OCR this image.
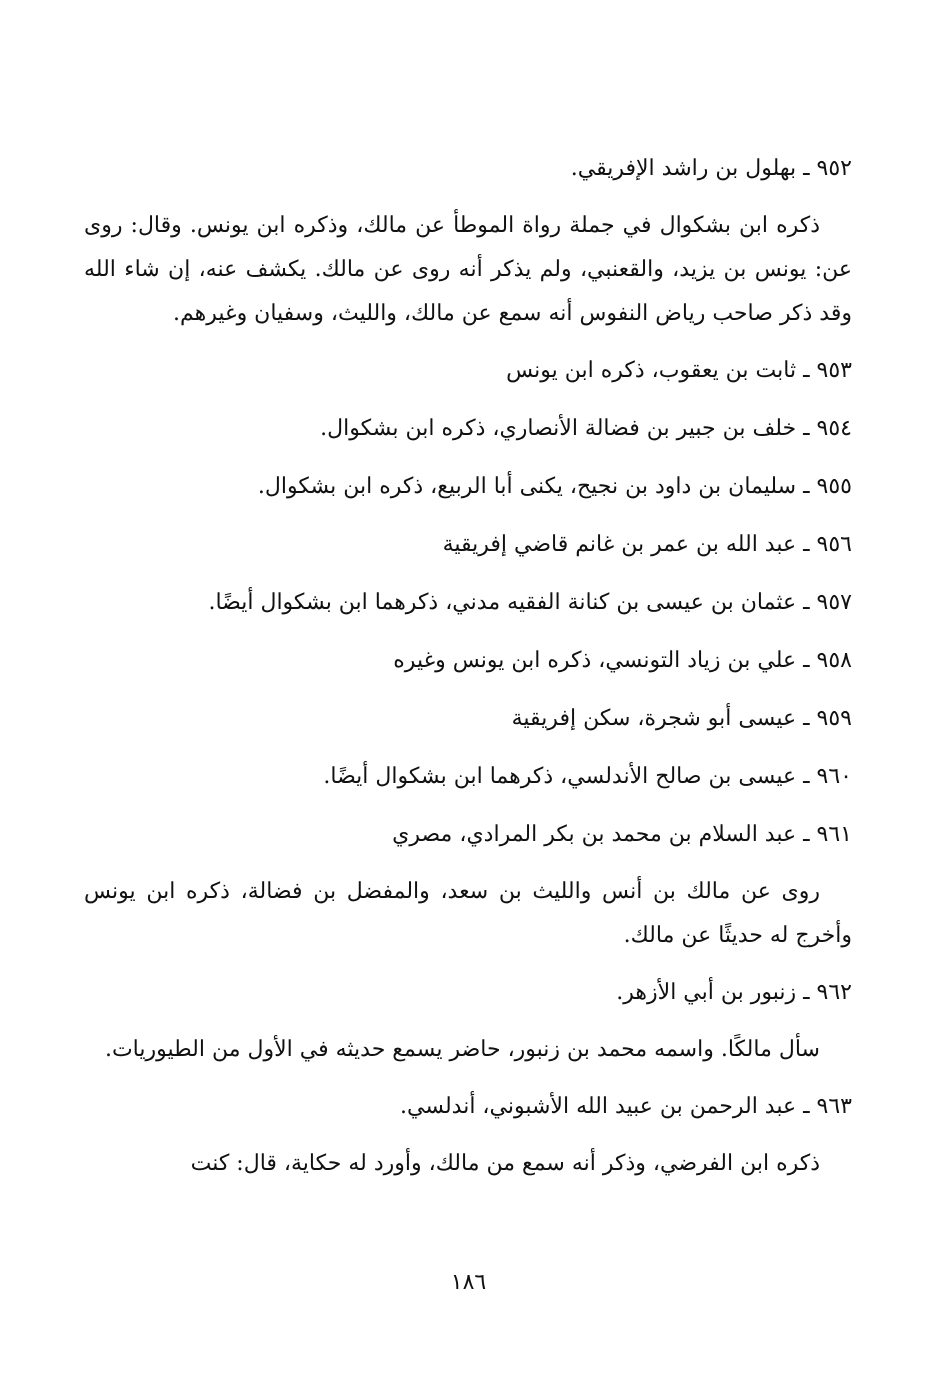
٩٥٢ ـ بهلول بن راشد الإفريقي.

ذكره ابن بشكوال في جملة رواة الموطأ عن مالك، وذكره ابن يونس. وقال: روى عن: يونس بن يزيد، والقعنبي، ولم يذكر أنه روى عن مالك. يكشف عنه، إن شاء الله وقد ذكر صاحب رياض النفوس أنه سمع عن مالك، والليث، وسفيان وغيرهم.

٩٥٣ ـ ثابت بن يعقوب، ذكره ابن يونس
٩٥٤ ـ خلف بن جبير بن فضالة الأنصاري، ذكره ابن بشكوال.
٩٥٥ ـ سليمان بن داود بن نجيح، يكنى أبا الربيع، ذكره ابن بشكوال.
٩٥٦ ـ عبد الله بن عمر بن غانم قاضي إفريقية
٩٥٧ ـ عثمان بن عيسى بن كنانة الفقيه مدني، ذكرهما ابن بشكوال أيضًا.
٩٥٨ ـ علي بن زياد التونسي، ذكره ابن يونس وغيره
٩٥٩ ـ عيسى أبو شجرة، سكن إفريقية
٩٦٠ ـ عيسى بن صالح الأندلسي، ذكرهما ابن بشكوال أيضًا.
٩٦١ ـ عبد السلام بن محمد بن بكر المرادي، مصري

روى عن مالك بن أنس والليث بن سعد، والمفضل بن فضالة، ذكره ابن يونس وأخرج له حديثًا عن مالك.

٩٦٢ ـ زنبور بن أبي الأزهر.

سأل مالكًا. واسمه محمد بن زنبور، حاضر يسمع حديثه في الأول من الطيوريات.

٩٦٣ ـ عبد الرحمن بن عبيد الله الأشبوني، أندلسي.

ذكره ابن الفرضي، وذكر أنه سمع من مالك، وأورد له حكاية، قال: كنت

١٨٦
